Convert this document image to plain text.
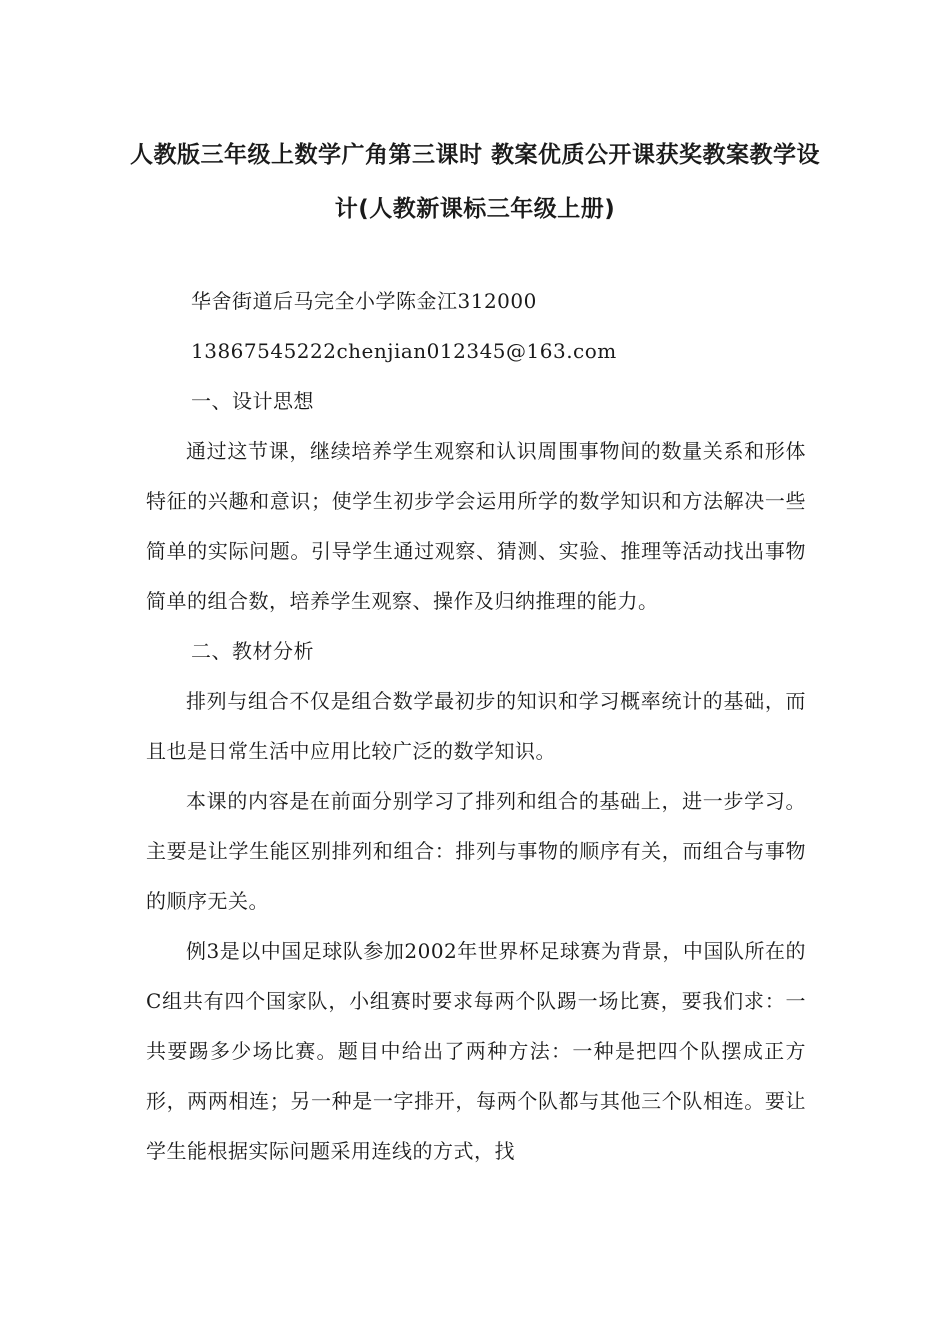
人教版三年级上数学广角第三课时 教案优质公开课获奖教案教学设
计(人教新课标三年级上册)

华舍街道后马完全小学陈金江312000

13867545222chenjian012345@163.com

一、设计思想

通过这节课，继续培养学生观察和认识周围事物间的数量关系和形体特征的兴趣和意识；使学生初步学会运用所学的数学知识和方法解决一些简单的实际问题。引导学生通过观察、猜测、实验、推理等活动找出事物简单的组合数，培养学生观察、操作及归纳推理的能力。

二、教材分析

排列与组合不仅是组合数学最初步的知识和学习概率统计的基础，而且也是日常生活中应用比较广泛的数学知识。

本课的内容是在前面分别学习了排列和组合的基础上，进一步学习。主要是让学生能区别排列和组合：排列与事物的顺序有关，而组合与事物的顺序无关。

例3是以中国足球队参加2002年世界杯足球赛为背景，中国队所在的C组共有四个国家队，小组赛时要求每两个队踢一场比赛，要我们求：一共要踢多少场比赛。题目中给出了两种方法：一种是把四个队摆成正方形，两两相连；另一种是一字排开，每两个队都与其他三个队相连。要让学生能根据实际问题采用连线的方式，找
